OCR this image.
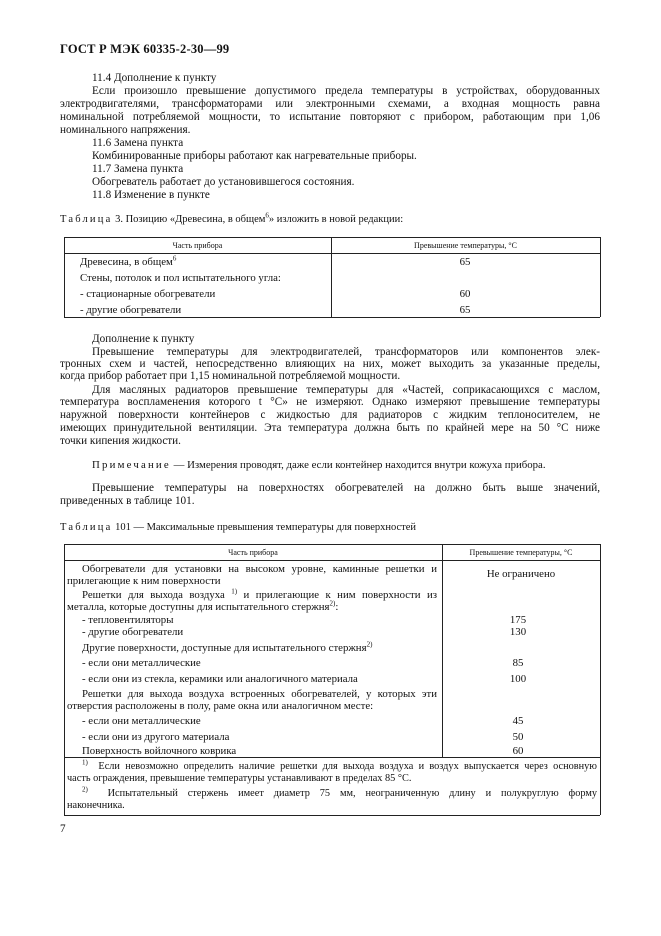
ГОСТ Р МЭК 60335-2-30—99
11.4 Дополнение к пункту
Если произошло превышение допустимого предела температуры в устройствах, оборудованных
электродвигателями, трансформаторами или электронными схемами, а входная мощность равна
номинальной потребляемой мощности, то испытание повторяют с прибором, работающим при 1,06
номинального напряжения.
11.6 Замена пункта
Комбинированные приборы работают как нагревательные приборы.
11.7 Замена пункта
Обогреватель работает до установившегося состояния.
11.8 Изменение в пункте
Таблица 3. Позицию «Древесина, в общем$^6$» изложить в новой редакции:
Часть прибора	Превышение температуры, °С
Древесина, в общем$^6$	65
Стены, потолок и пол испытательного угла:
- стационарные обогреватели	60
- другие обогреватели	65
Дополнение к пункту
Превышение температуры для электродвигателей, трансформаторов или компонентов элек-
тронных схем и частей, непосредственно влияющих на них, может выходить за указанные пределы,
когда прибор работает при 1,15 номинальной потребляемой мощности.
Для масляных радиаторов превышение температуры для «Частей, соприкасающихся с маслом,
температура воспламенения которого t °С» не измеряют. Однако измеряют превышение температуры
наружной поверхности контейнеров с жидкостью для радиаторов с жидким теплоносителем, не
имеющих принудительной вентиляции. Эта температура должна быть по крайней мере на 50 °С ниже
точки кипения жидкости.
Примечание — Измерения проводят, даже если контейнер находится внутри кожуха прибора.
Превышение температуры на поверхностях обогревателей на должно быть выше значений,
приведенных в таблице 101.
Таблица 101 — Максимальные превышения температуры для поверхностей
Часть прибора	Превышение температуры, °С
Обогреватели для установки на высоком уровне, каминные решетки и
прилегающие к ним поверхности
Не ограничено
Решетки для выхода воздуха $^{1)}$ и прилегающие к ним поверхности из
металла, которые доступны для испытательного стержня$^{2)}$:
- тепловентиляторы	175
- другие обогреватели	130
Другие поверхности, доступные для испытательного стержня$^{2)}$
- если они металлические	85
- если они из стекла, керамики или аналогичного материала	100
Решетки для выхода воздуха встроенных обогревателей, у которых эти
отверстия расположены в полу, раме окна или аналогичном месте:
- если они металлические	45
- если они из другого материала	50
Поверхность войлочного коврика	60
$^{1)}$ Если невозможно определить наличие решетки для выхода воздуха и воздух выпускается через основную
часть ограждения, превышение температуры устанавливают в пределах 85 °С.
$^{2)}$ Испытательный стержень имеет диаметр 75 мм, неограниченную длину и полукруглую форму
наконечника.
7
